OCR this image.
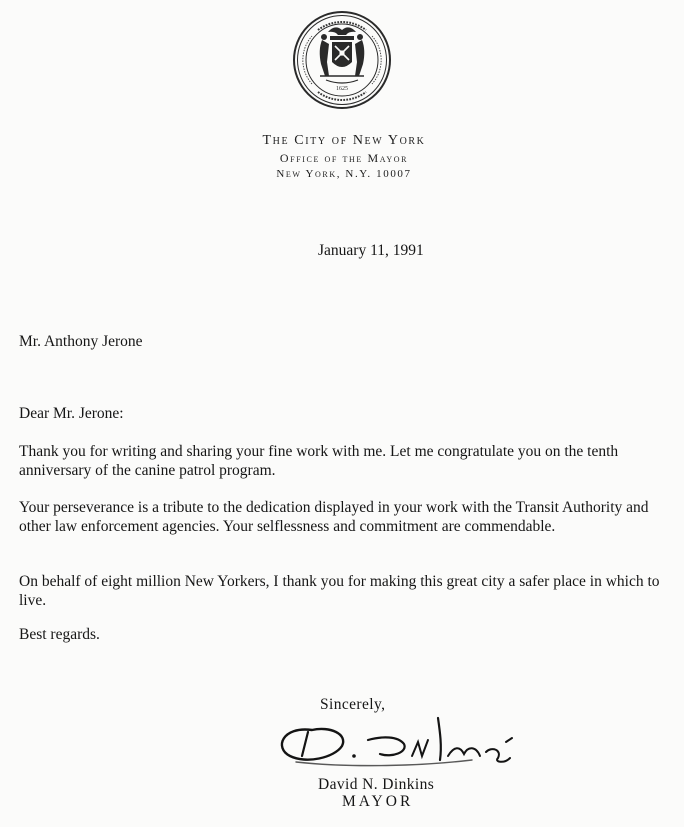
1625
The City of New York
Office of the Mayor
New York, N.Y. 10007
January 11, 1991
Mr. Anthony Jerone
Dear Mr. Jerone:

Thank you for writing and sharing your fine work with me. Let me congratulate you on the tenth anniversary of the canine patrol program.

Your perseverance is a tribute to the dedication displayed in your work with the Transit Authority and other law enforcement agencies. Your selflessness and commitment are commendable.

On behalf of eight million New Yorkers, I thank you for making this great city a safer place in which to live.

Best regards.

Sincerely,
David N. Dinkins
MAYOR
